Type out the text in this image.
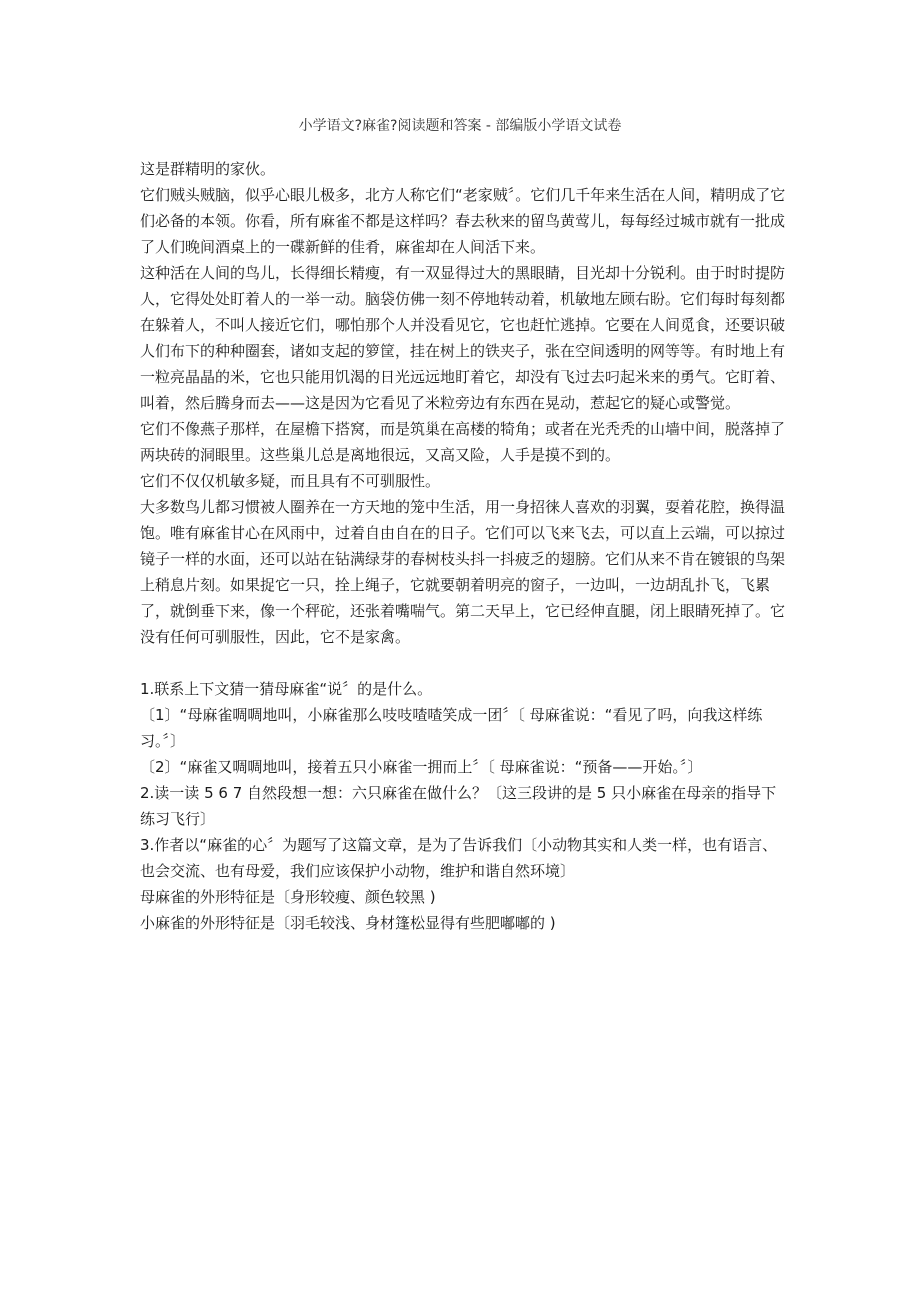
小学语文?麻雀?阅读题和答案 - 部编版小学语文试卷

这是群精明的家伙。

它们贼头贼脑，似乎心眼儿极多，北方人称它们“老家贼〞。它们几千年来生活在人间，精明成了它们必备的本领。你看，所有麻雀不都是这样吗？春去秋来的留鸟黄莺儿，每每经过城市就有一批成了人们晚间酒桌上的一碟新鲜的佳肴，麻雀却在人间活下来。

这种活在人间的鸟儿，长得细长精瘦，有一双显得过大的黑眼睛，目光却十分锐利。由于时时提防人，它得处处盯着人的一举一动。脑袋仿佛一刻不停地转动着，机敏地左顾右盼。它们每时每刻都在躲着人，不叫人接近它们，哪怕那个人并没看见它，它也赶忙逃掉。它要在人间觅食，还要识破人们布下的种种圈套，诸如支起的箩筐，挂在树上的铁夹子，张在空间透明的网等等。有时地上有一粒亮晶晶的米，它也只能用饥渴的日光远远地盯着它，却没有飞过去叼起米来的勇气。它盯着、叫着，然后腾身而去——这是因为它看见了米粒旁边有东西在晃动，惹起它的疑心或警觉。

它们不像燕子那样，在屋檐下搭窝，而是筑巢在高楼的犄角；或者在光秃秃的山墙中间，脱落掉了两块砖的洞眼里。这些巢儿总是离地很远，又高又险，人手是摸不到的。

它们不仅仅机敏多疑，而且具有不可驯服性。

大多数鸟儿都习惯被人圈养在一方天地的笼中生活，用一身招徕人喜欢的羽翼，耍着花腔，换得温饱。唯有麻雀甘心在风雨中，过着自由自在的日子。它们可以飞来飞去，可以直上云端，可以掠过镜子一样的水面，还可以站在钻满绿芽的春树枝头抖一抖疲乏的翅膀。它们从来不肯在镀银的鸟架上稍息片刻。如果捉它一只，拴上绳子，它就要朝着明亮的窗子，一边叫，一边胡乱扑飞，飞累了，就倒垂下来，像一个秤砣，还张着嘴喘气。第二天早上，它已经伸直腿，闭上眼睛死掉了。它没有任何可驯服性，因此，它不是家禽。

1.联系上下文猜一猜母麻雀“说〞的是什么。

〔1〕“母麻雀啁啁地叫，小麻雀那么吱吱喳喳笑成一团〞〔 母麻雀说：“看见了吗，向我这样练习。〞〕

〔2〕“麻雀又啁啁地叫，接着五只小麻雀一拥而上〞〔 母麻雀说：“预备——开始。〞〕

2.读一读 5 6 7 自然段想一想：六只麻雀在做什么？〔这三段讲的是 5 只小麻雀在母亲的指导下练习飞行〕

3.作者以“麻雀的心〞为题写了这篇文章，是为了告诉我们〔小动物其实和人类一样，也有语言、也会交流、也有母爱，我们应该保护小动物，维护和谐自然环境〕

母麻雀的外形特征是〔身形较瘦、颜色较黑 )

小麻雀的外形特征是〔羽毛较浅、身材篷松显得有些肥嘟嘟的 )
